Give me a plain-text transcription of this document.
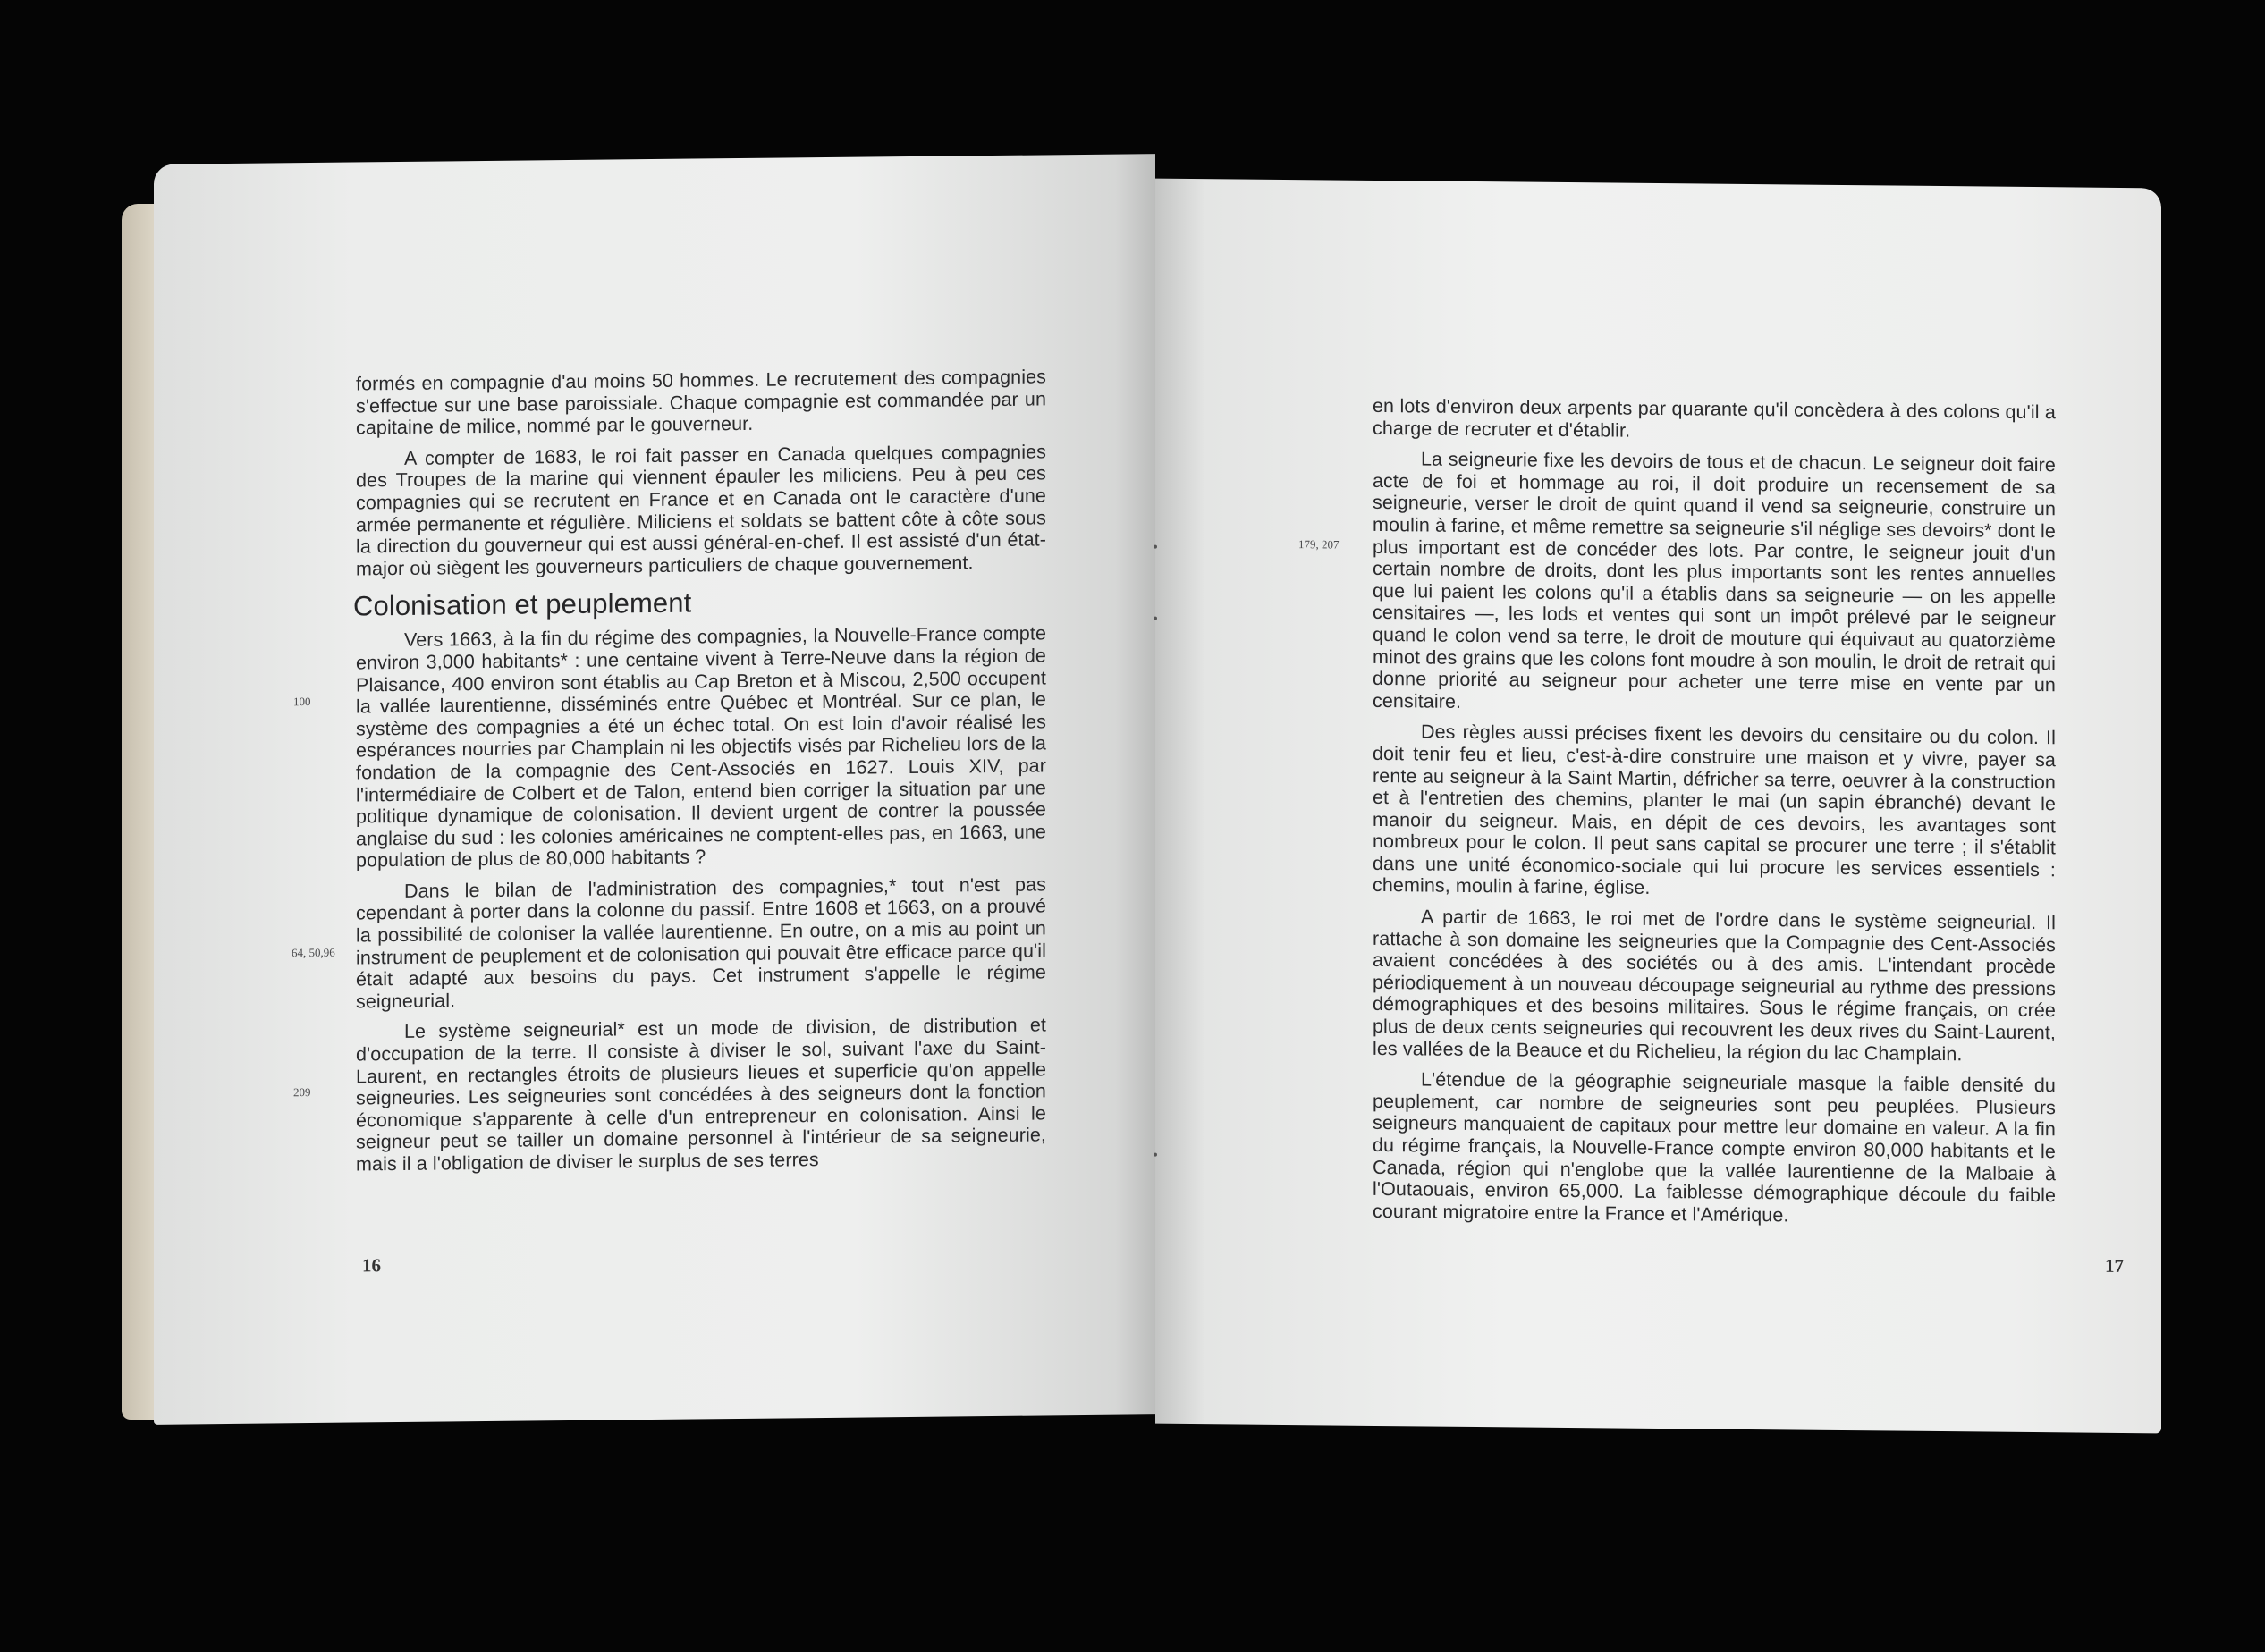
formés en compagnie d'au moins 50 hommes. Le recrutement des compagnies s'effectue sur une base paroissiale. Chaque compagnie est commandée par un capitaine de milice, nommé par le gouverneur.

A compter de 1683, le roi fait passer en Canada quelques compagnies des Troupes de la marine qui viennent épauler les miliciens. Peu à peu ces compagnies qui se recrutent en France et en Canada ont le caractère d'une armée permanente et régulière. Miliciens et soldats se battent côte à côte sous la direction du gouverneur qui est aussi général-en-chef. Il est assisté d'un état-major où siègent les gouverneurs particuliers de chaque gouvernement.

Colonisation et peuplement

Vers 1663, à la fin du régime des compagnies, la Nouvelle-France compte environ 3,000 habitants* : une centaine vivent à Terre-Neuve dans la région de Plaisance, 400 environ sont établis au Cap Breton et à Miscou, 2,500 occupent la vallée laurentienne, disséminés entre Québec et Montréal. Sur ce plan, le système des compagnies a été un échec total. On est loin d'avoir réalisé les espérances nourries par Champlain ni les objectifs visés par Richelieu lors de la fondation de la compagnie des Cent-Associés en 1627. Louis XIV, par l'intermédiaire de Colbert et de Talon, entend bien corriger la situation par une politique dynamique de colonisation. Il devient urgent de contrer la poussée anglaise du sud : les colonies américaines ne comptent-elles pas, en 1663, une population de plus de 80,000 habitants ?

Dans le bilan de l'administration des compagnies,* tout n'est pas cependant à porter dans la colonne du passif. Entre 1608 et 1663, on a prouvé la possibilité de coloniser la vallée laurentienne. En outre, on a mis au point un instrument de peuplement et de colonisation qui pouvait être efficace parce qu'il était adapté aux besoins du pays. Cet instrument s'appelle le régime seigneurial.

Le système seigneurial* est un mode de division, de distribution et d'occupation de la terre. Il consiste à diviser le sol, suivant l'axe du Saint-Laurent, en rectangles étroits de plusieurs lieues et superficie qu'on appelle seigneuries. Les seigneuries sont concédées à des seigneurs dont la fonction économique s'apparente à celle d'un entrepreneur en colonisation. Ainsi le seigneur peut se tailler un domaine personnel à l'intérieur de sa seigneurie, mais il a l'obligation de diviser le surplus de ses terres

100
64, 50,96
209
16

en lots d'environ deux arpents par quarante qu'il concèdera à des colons qu'il a charge de recruter et d'établir.

La seigneurie fixe les devoirs de tous et de chacun. Le seigneur doit faire acte de foi et hommage au roi, il doit produire un recensement de sa seigneurie, verser le droit de quint quand il vend sa seigneurie, construire un moulin à farine, et même remettre sa seigneurie s'il néglige ses devoirs* dont le plus important est de concéder des lots. Par contre, le seigneur jouit d'un certain nombre de droits, dont les plus importants sont les rentes annuelles que lui paient les colons qu'il a établis dans sa seigneurie — on les appelle censitaires —, les lods et ventes qui sont un impôt prélevé par le seigneur quand le colon vend sa terre, le droit de mouture qui équivaut au quatorzième minot des grains que les colons font moudre à son moulin, le droit de retrait qui donne priorité au seigneur pour acheter une terre mise en vente par un censitaire.

Des règles aussi précises fixent les devoirs du censitaire ou du colon. Il doit tenir feu et lieu, c'est-à-dire construire une maison et y vivre, payer sa rente au seigneur à la Saint Martin, défricher sa terre, oeuvrer à la construction et à l'entretien des chemins, planter le mai (un sapin ébranché) devant le manoir du seigneur. Mais, en dépit de ces devoirs, les avantages sont nombreux pour le colon. Il peut sans capital se procurer une terre ; il s'établit dans une unité économico-sociale qui lui procure les services essentiels : chemins, moulin à farine, église.

A partir de 1663, le roi met de l'ordre dans le système seigneurial. Il rattache à son domaine les seigneuries que la Compagnie des Cent-Associés avaient concédées à des sociétés ou à des amis. L'intendant procède périodiquement à un nouveau découpage seigneurial au rythme des pressions démographiques et des besoins militaires. Sous le régime français, on crée plus de deux cents seigneuries qui recouvrent les deux rives du Saint-Laurent, les vallées de la Beauce et du Richelieu, la région du lac Champlain.

L'étendue de la géographie seigneuriale masque la faible densité du peuplement, car nombre de seigneuries sont peu peuplées. Plusieurs seigneurs manquaient de capitaux pour mettre leur domaine en valeur. A la fin du régime français, la Nouvelle-France compte environ 80,000 habitants et le Canada, région qui n'englobe que la vallée laurentienne de la Malbaie à l'Outaouais, environ 65,000. La faiblesse démographique découle du faible courant migratoire entre la France et l'Amérique.

179, 207
17
